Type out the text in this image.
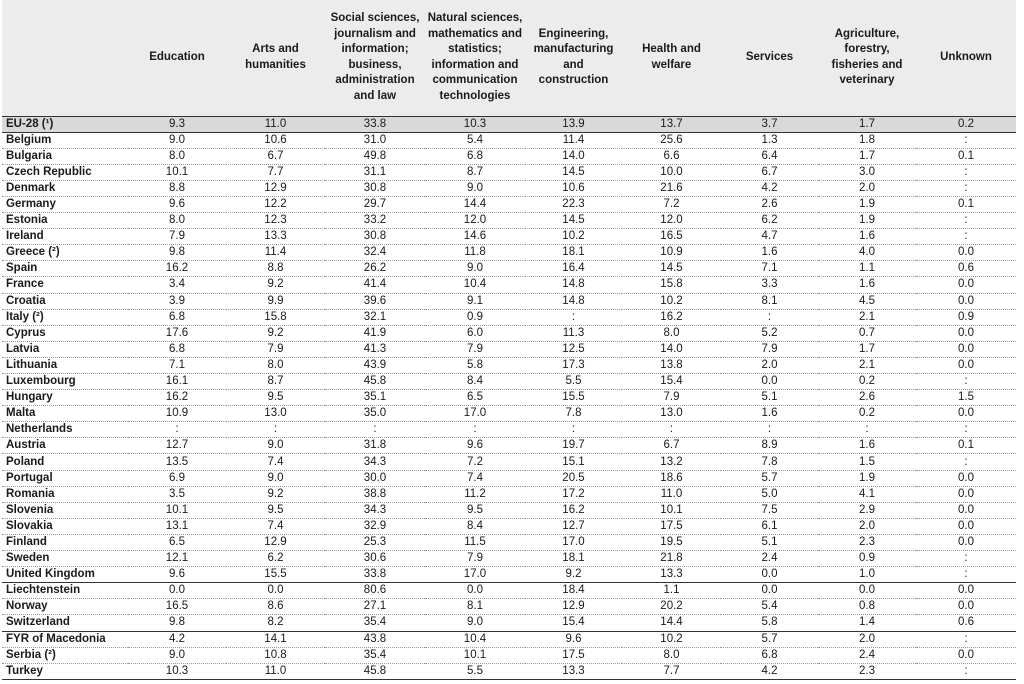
	Education	Arts and humanities	Social sciences, journalism and information; business, administration and law	Natural sciences, mathematics and statistics; information and communication technologies	Engineering, manufacturing and construction	Health and welfare	Services	Agriculture, forestry, fisheries and veterinary	Unknown
EU-28 (¹)	9.3	11.0	33.8	10.3	13.9	13.7	3.7	1.7	0.2
Belgium	9.0	10.6	31.0	5.4	11.4	25.6	1.3	1.8	:
Bulgaria	8.0	6.7	49.8	6.8	14.0	6.6	6.4	1.7	0.1
Czech Republic	10.1	7.7	31.1	8.7	14.5	10.0	6.7	3.0	:
Denmark	8.8	12.9	30.8	9.0	10.6	21.6	4.2	2.0	:
Germany	9.6	12.2	29.7	14.4	22.3	7.2	2.6	1.9	0.1
Estonia	8.0	12.3	33.2	12.0	14.5	12.0	6.2	1.9	:
Ireland	7.9	13.3	30.8	14.6	10.2	16.5	4.7	1.6	:
Greece (²)	9.8	11.4	32.4	11.8	18.1	10.9	1.6	4.0	0.0
Spain	16.2	8.8	26.2	9.0	16.4	14.5	7.1	1.1	0.6
France	3.4	9.2	41.4	10.4	14.8	15.8	3.3	1.6	0.0
Croatia	3.9	9.9	39.6	9.1	14.8	10.2	8.1	4.5	0.0
Italy (²)	6.8	15.8	32.1	0.9	:	16.2	:	2.1	0.9
Cyprus	17.6	9.2	41.9	6.0	11.3	8.0	5.2	0.7	0.0
Latvia	6.8	7.9	41.3	7.9	12.5	14.0	7.9	1.7	0.0
Lithuania	7.1	8.0	43.9	5.8	17.3	13.8	2.0	2.1	0.0
Luxembourg	16.1	8.7	45.8	8.4	5.5	15.4	0.0	0.2	:
Hungary	16.2	9.5	35.1	6.5	15.5	7.9	5.1	2.6	1.5
Malta	10.9	13.0	35.0	17.0	7.8	13.0	1.6	0.2	0.0
Netherlands	:	:	:	:	:	:	:	:	:
Austria	12.7	9.0	31.8	9.6	19.7	6.7	8.9	1.6	0.1
Poland	13.5	7.4	34.3	7.2	15.1	13.2	7.8	1.5	:
Portugal	6.9	9.0	30.0	7.4	20.5	18.6	5.7	1.9	0.0
Romania	3.5	9.2	38.8	11.2	17.2	11.0	5.0	4.1	0.0
Slovenia	10.1	9.5	34.3	9.5	16.2	10.1	7.5	2.9	0.0
Slovakia	13.1	7.4	32.9	8.4	12.7	17.5	6.1	2.0	0.0
Finland	6.5	12.9	25.3	11.5	17.0	19.5	5.1	2.3	0.0
Sweden	12.1	6.2	30.6	7.9	18.1	21.8	2.4	0.9	:
United Kingdom	9.6	15.5	33.8	17.0	9.2	13.3	0.0	1.0	:
Liechtenstein	0.0	0.0	80.6	0.0	18.4	1.1	0.0	0.0	0.0
Norway	16.5	8.6	27.1	8.1	12.9	20.2	5.4	0.8	0.0
Switzerland	9.8	8.2	35.4	9.0	15.4	14.4	5.8	1.4	0.6
FYR of Macedonia	4.2	14.1	43.8	10.4	9.6	10.2	5.7	2.0	:
Serbia (²)	9.0	10.8	35.4	10.1	17.5	8.0	6.8	2.4	0.0
Turkey	10.3	11.0	45.8	5.5	13.3	7.7	4.2	2.3	:
